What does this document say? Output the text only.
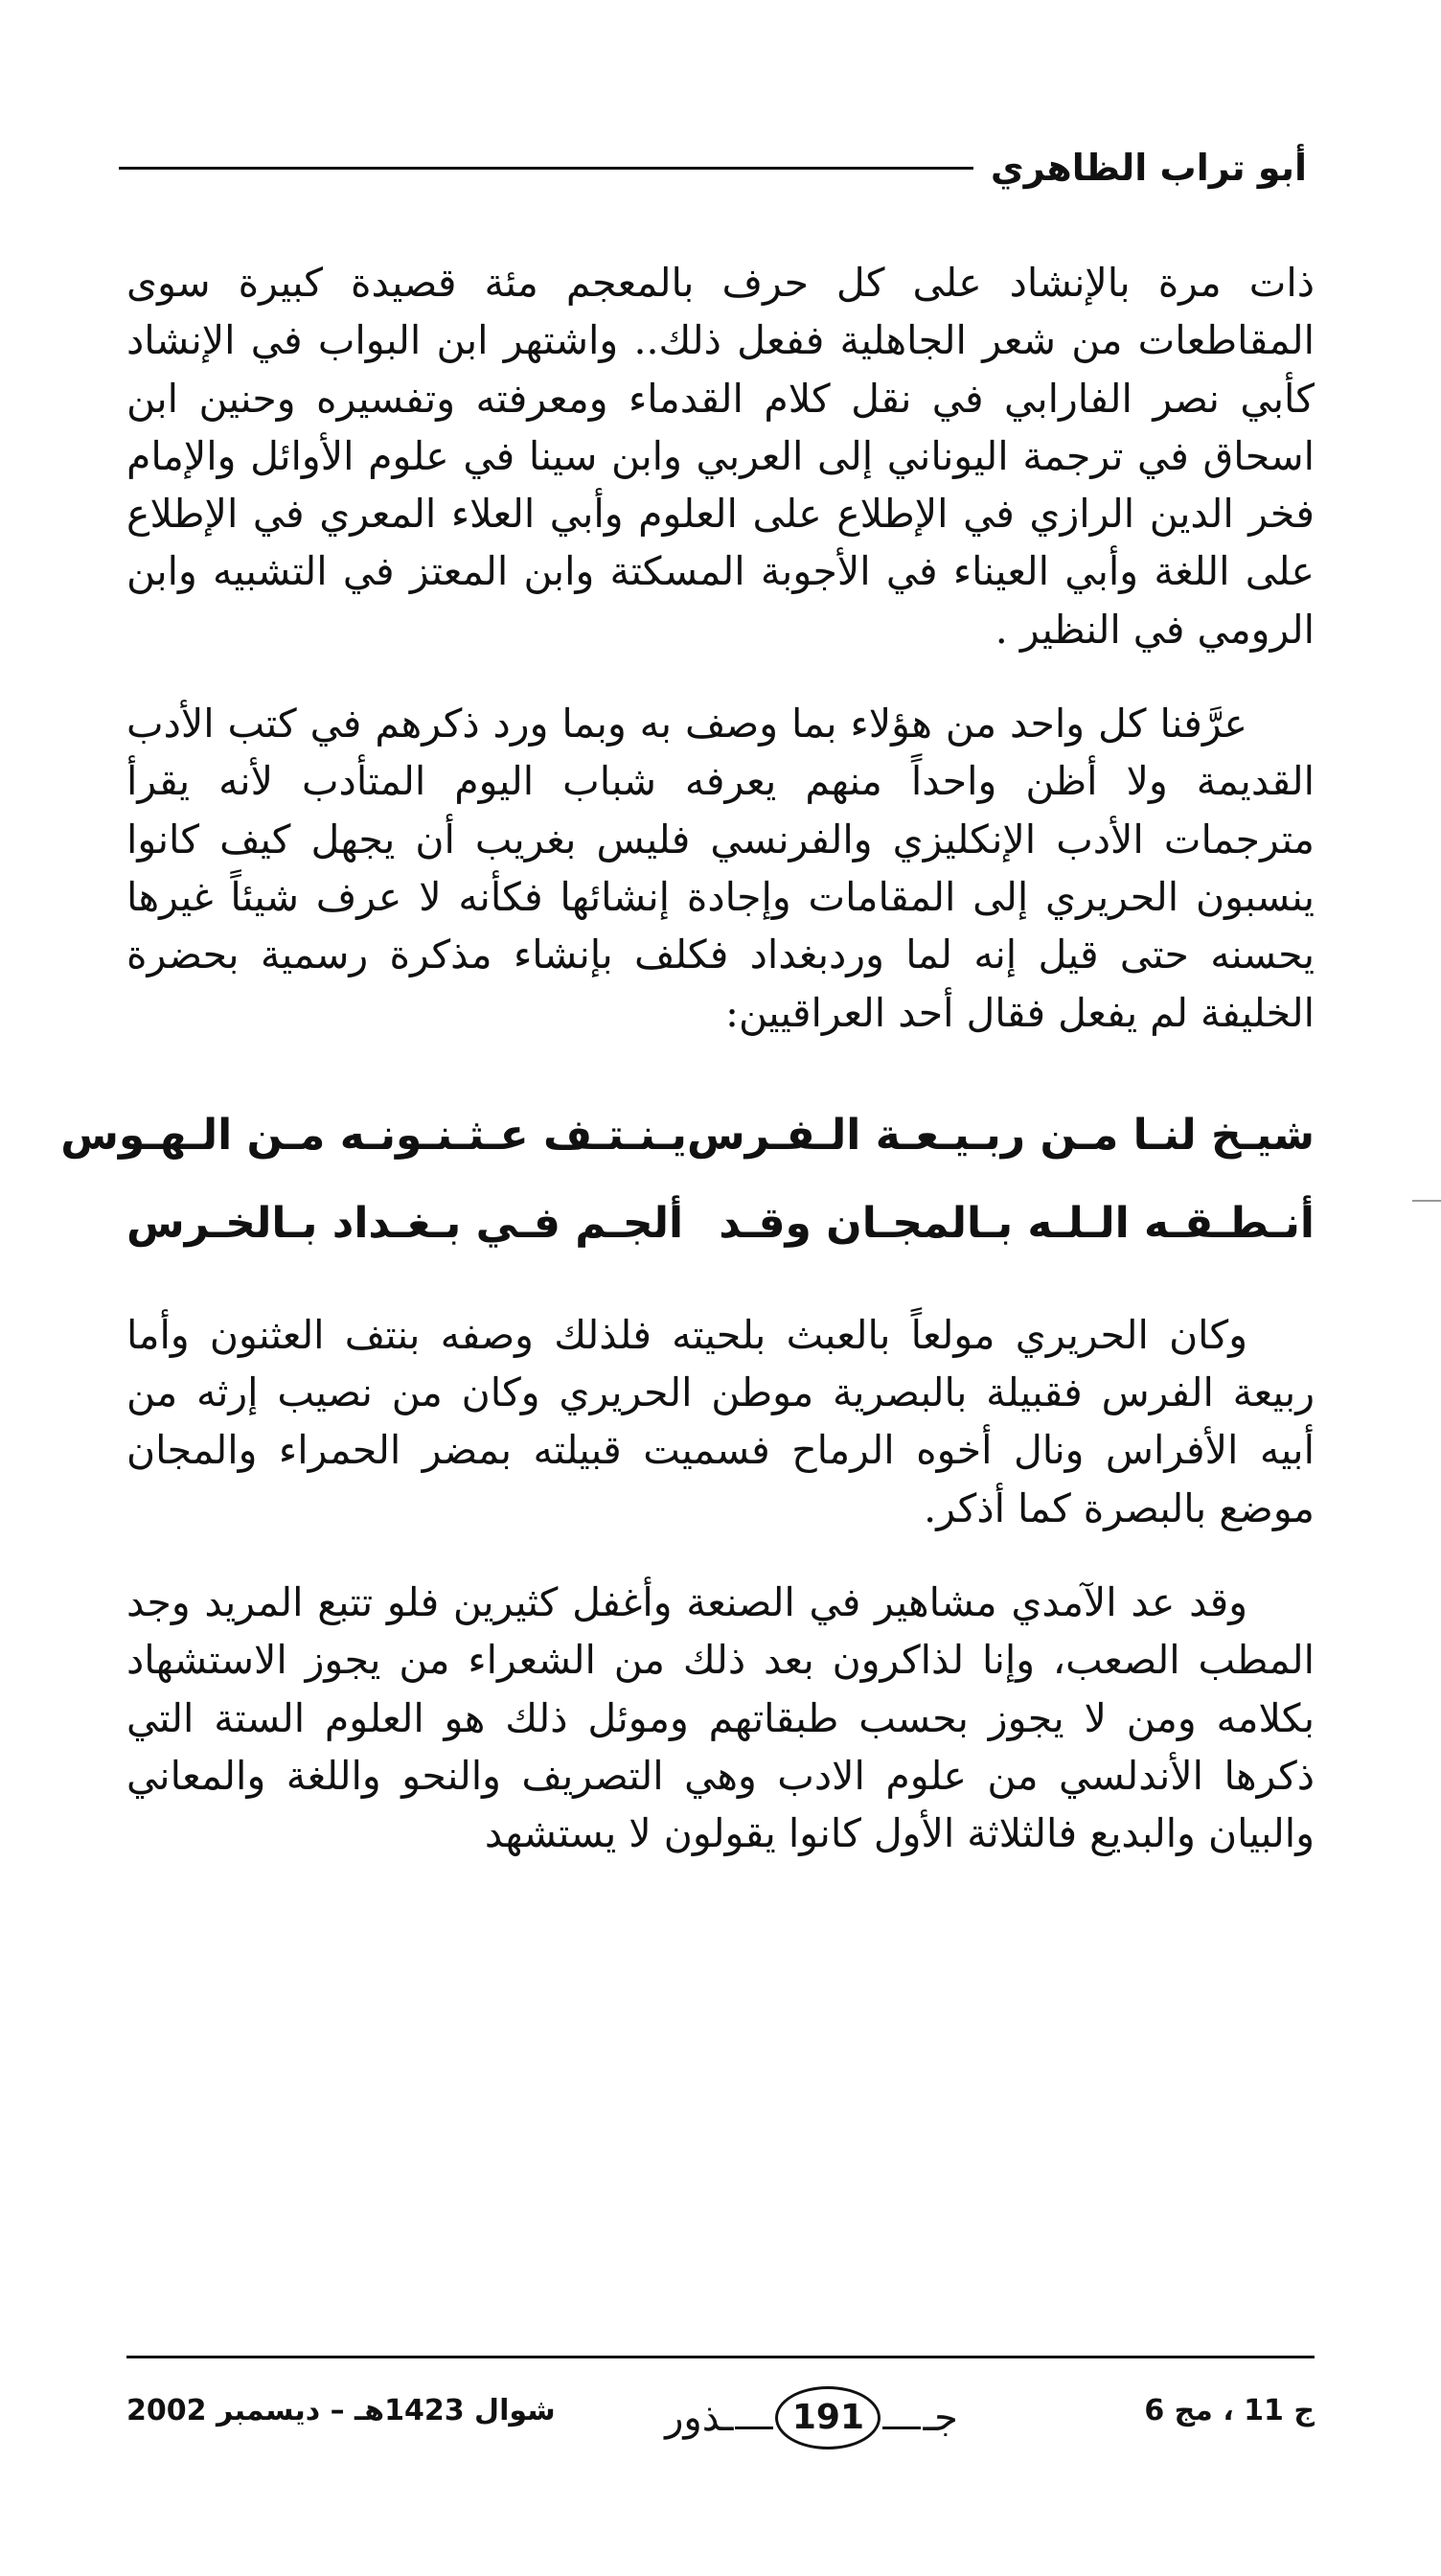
أبو تراب الظاهري

ذات مرة بالإنشاد على كل حرف بالمعجم مئة قصيدة كبيرة سوى المقاطعات من شعر الجاهلية ففعل ذلك.. واشتهر ابن البواب في الإنشاد كأبي نصر الفارابي في نقل كلام القدماء ومعرفته وتفسيره وحنين ابن اسحاق في ترجمة اليوناني إلى العربي وابن سينا في علوم الأوائل والإمام فخر الدين الرازي في الإطلاع على العلوم وأبي العلاء المعري في الإطلاع على اللغة وأبي العيناء في الأجوبة المسكتة وابن المعتز في التشبيه وابن الرومي في النظير .

عرَّفنا كل واحد من هؤلاء بما وصف به وبما ورد ذكرهم في كتب الأدب القديمة ولا أظن واحداً منهم يعرفه شباب اليوم المتأدب لأنه يقرأ مترجمات الأدب الإنكليزي والفرنسي فليس بغريب أن يجهل كيف كانوا ينسبون الحريري إلى المقامات وإجادة إنشائها فكأنه لا عرف شيئاً غيرها يحسنه حتى قيل إنه لما وردبغداد فكلف بإنشاء مذكرة رسمية بحضرة الخليفة لم يفعل فقال أحد العراقيين:

شيـخ لنـا مـن ربـيـعـة الـفـرس
يـنـتـف عـثـنـونـه مـن الـهـوس
أنـطـقـه الـلـه بـالمجـان وقـد
ألجـم فـي بـغـداد بـالخـرس

وكان الحريري مولعاً بالعبث بلحيته فلذلك وصفه بنتف العثنون وأما ربيعة الفرس فقبيلة بالبصرية موطن الحريري وكان من نصيب إرثه من أبيه الأفراس ونال أخوه الرماح فسميت قبيلته بمضر الحمراء والمجان موضع بالبصرة كما أذكر.

وقد عد الآمدي مشاهير في الصنعة وأغفل كثيرين فلو تتبع المريد وجد المطب الصعب، وإنا لذاكرون بعد ذلك من الشعراء من يجوز الاستشهاد بكلامه ومن لا يجوز بحسب طبقاتهم وموئل ذلك هو العلوم الستة التي ذكرها الأندلسي من علوم الادب وهي التصريف والنحو واللغة والمعاني والبيان والبديع فالثلاثة الأول كانوا يقولون لا يستشهد

ج 11 ، مج 6
جـ
191
ـذور
شوال 1423هـ – ديسمبر 2002
